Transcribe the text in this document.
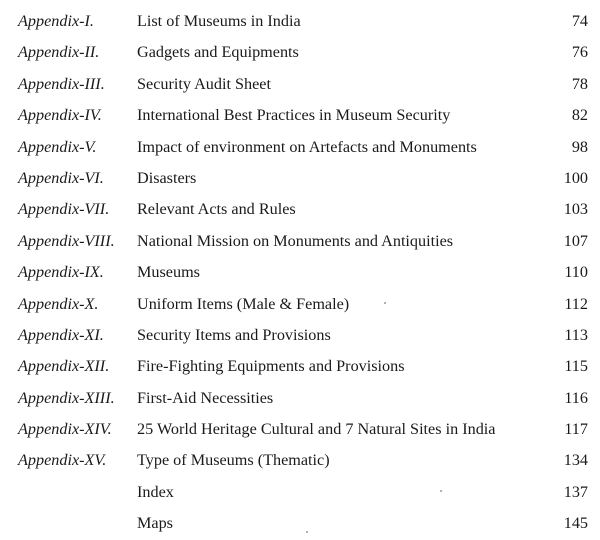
Appendix-I.	List of Museums in India	74
Appendix-II. Gadgets and Equipments	76
Appendix-III. Security Audit Sheet	78
Appendix-IV. International Best Practices in Museum Security	82
Appendix-V.	Impact of environment on Artefacts and Monuments	98
Appendix-VI. Disasters	100
Appendix-VII. Relevant Acts and Rules	103
Appendix-VIII. National Mission on Monuments and Antiquities	107
Appendix-IX. Museums	110
Appendix-X. Uniform Items (Male & Female)	112
Appendix-XI. Security Items and Provisions	113
Appendix-XII. Fire-Fighting Equipments and Provisions	115
Appendix-XIII. First-Aid Necessities	116
Appendix-XIV. 25 World Heritage Cultural and 7 Natural Sites in India	117
Appendix-XV. Type of Museums (Thematic)	134
Index	137
Maps	145
